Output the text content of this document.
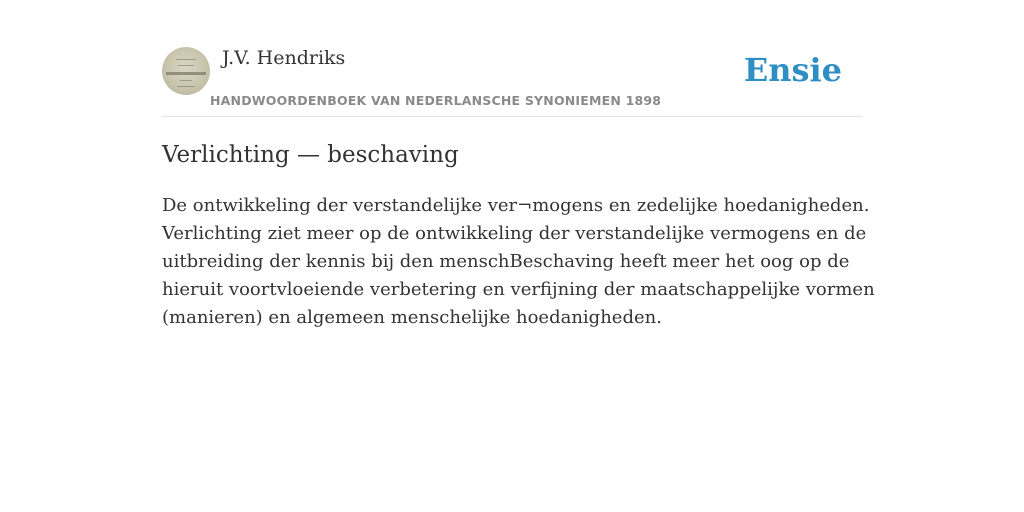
J.V. Hendriks
HANDWOORDENBOEK VAN NEDERLANSCHE SYNONIEMEN 1898
Ensie
Verlichting — beschaving
De ontwikkeling der verstandelijke ver¬mogens en zedelijke hoedanigheden.
Verlichting ziet meer op de ontwikkeling der verstandelijke vermogens en de
uitbreiding der kennis bij den menschBeschaving heeft meer het oog op de
hieruit voortvloeiende verbetering en verfijning der maatschappelijke vormen
(manieren) en algemeen menschelijke hoedanigheden.
